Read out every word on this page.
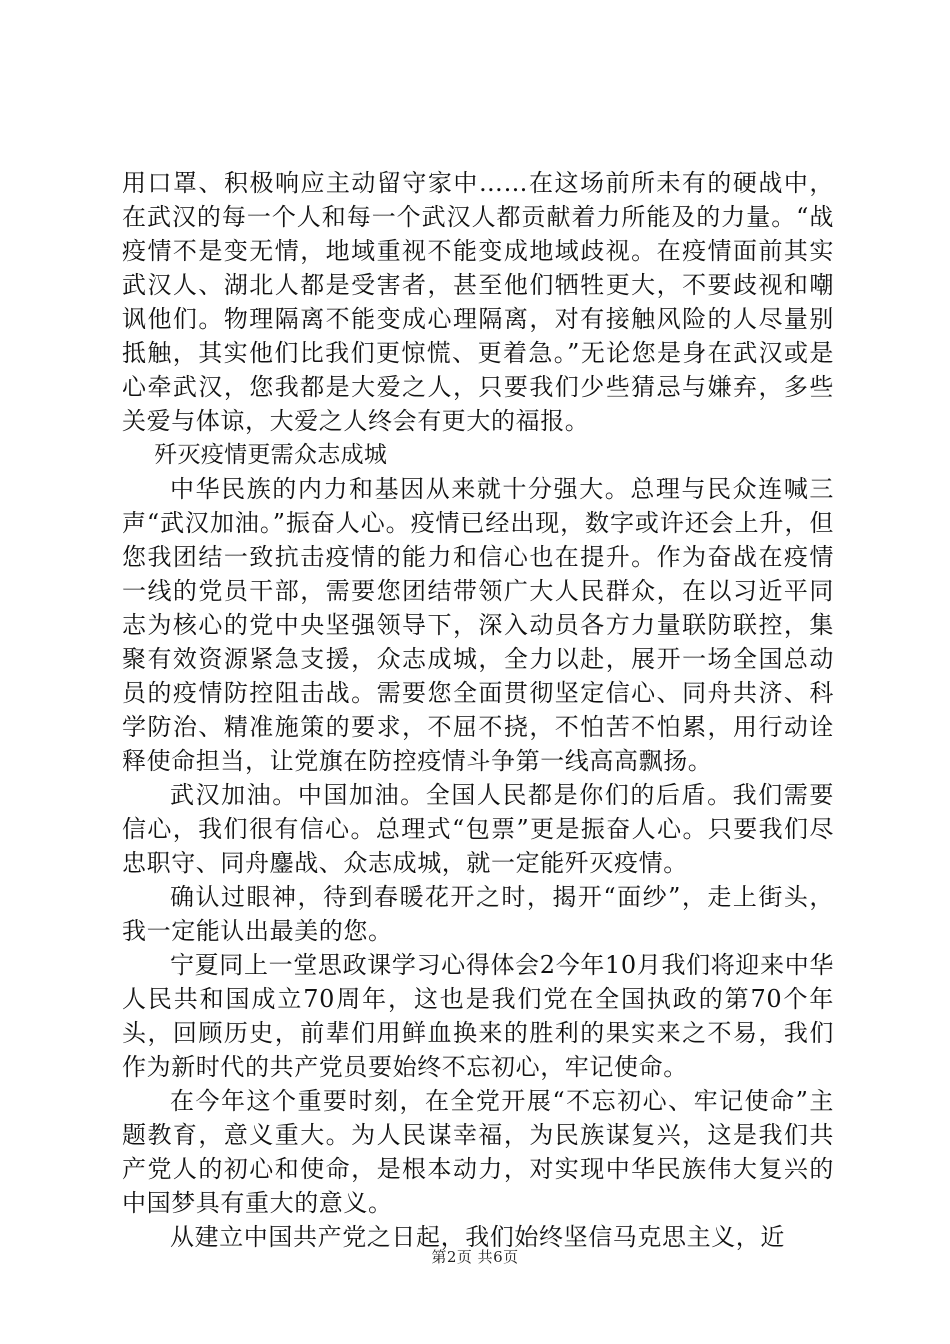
用口罩、积极响应主动留守家中……在这场前所未有的硬战中，在武汉的每一个人和每一个武汉人都贡献着力所能及的力量。“战疫情不是变无情，地域重视不能变成地域歧视。在疫情面前其实武汉人、湖北人都是受害者，甚至他们牺牲更大，不要歧视和嘲讽他们。物理隔离不能变成心理隔离，对有接触风险的人尽量别抵触，其实他们比我们更惊慌、更着急。”无论您是身在武汉或是心牵武汉，您我都是大爱之人，只要我们少些猜忌与嫌弃，多些关爱与体谅，大爱之人终会有更大的福报。

歼灭疫情更需众志成城

中华民族的内力和基因从来就十分强大。总理与民众连喊三声“武汉加油。”振奋人心。疫情已经出现，数字或许还会上升，但您我团结一致抗击疫情的能力和信心也在提升。作为奋战在疫情一线的党员干部，需要您团结带领广大人民群众，在以习近平同志为核心的党中央坚强领导下，深入动员各方力量联防联控，集聚有效资源紧急支援，众志成城，全力以赴，展开一场全国总动员的疫情防控阻击战。需要您全面贯彻坚定信心、同舟共济、科学防治、精准施策的要求，不屈不挠，不怕苦不怕累，用行动诠释使命担当，让党旗在防控疫情斗争第一线高高飘扬。

武汉加油。中国加油。全国人民都是你们的后盾。我们需要信心，我们很有信心。总理式“包票”更是振奋人心。只要我们尽忠职守、同舟鏖战、众志成城，就一定能歼灭疫情。

确认过眼神，待到春暖花开之时，揭开“面纱”，走上街头，我一定能认出最美的您。

宁夏同上一堂思政课学习心得体会2今年10月我们将迎来中华人民共和国成立70周年，这也是我们党在全国执政的第70个年头，回顾历史，前辈们用鲜血换来的胜利的果实来之不易，我们作为新时代的共产党员要始终不忘初心，牢记使命。

在今年这个重要时刻，在全党开展“不忘初心、牢记使命”主题教育，意义重大。为人民谋幸福，为民族谋复兴，这是我们共产党人的初心和使命，是根本动力，对实现中华民族伟大复兴的中国梦具有重大的意义。

从建立中国共产党之日起，我们始终坚信马克思主义，近

第2页 共6页
